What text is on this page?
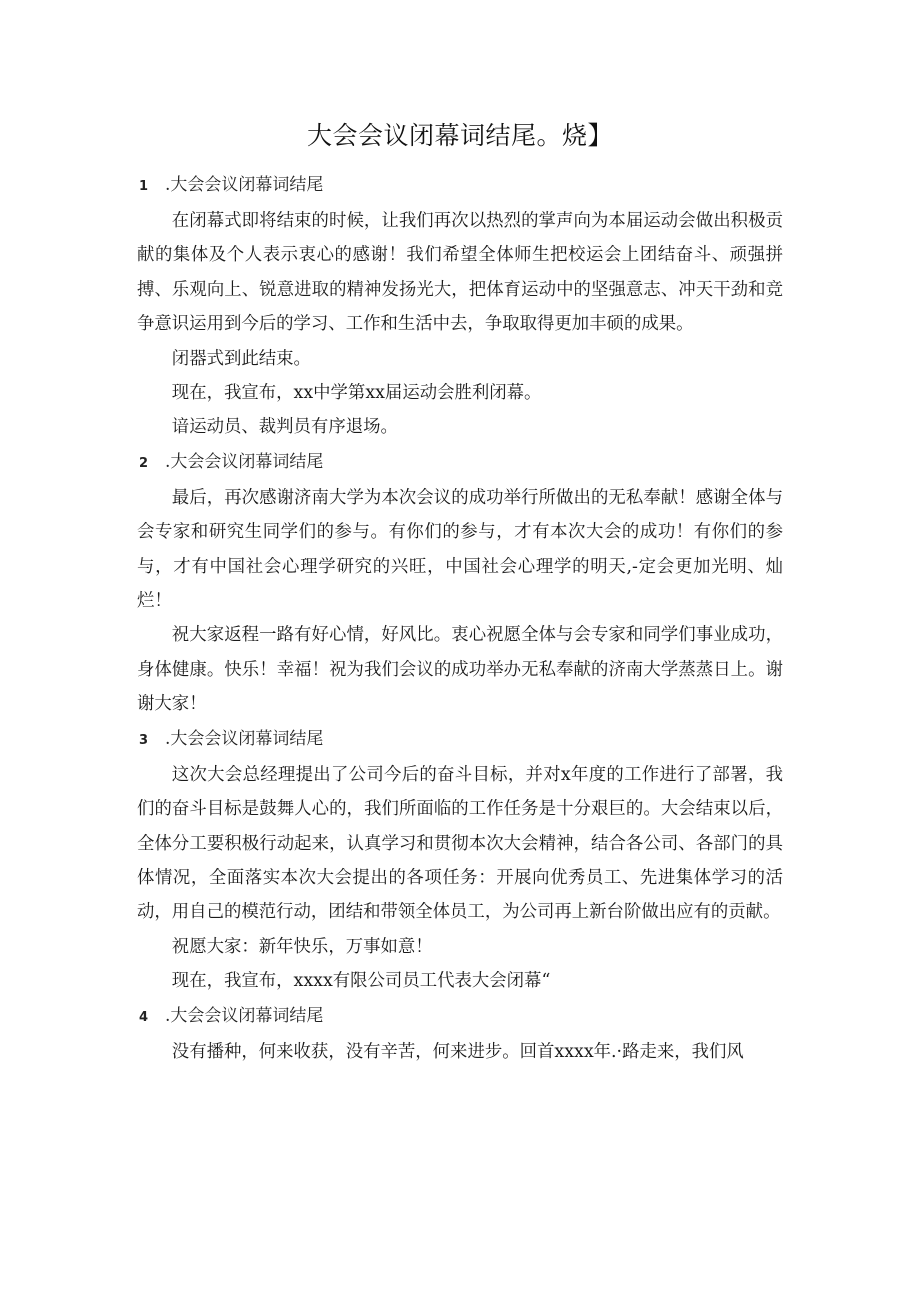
大会会议闭幕词结尾。烧】

1 .大会会议闭幕词结尾

在闭幕式即将结束的时候，让我们再次以热烈的掌声向为本届运动会做出积极贡献的集体及个人表示衷心的感谢！我们希望全体师生把校运会上团结奋斗、顽强拼搏、乐观向上、锐意进取的精神发扬光大，把体育运动中的坚强意志、冲天干劲和竞争意识运用到今后的学习、工作和生活中去，争取取得更加丰硕的成果。

闭器式到此结束。

现在，我宣布，xx中学第xx届运动会胜利闭幕。

谙运动员、裁判员有序退场。

2 .大会会议闭幕词结尾

最后，再次感谢济南大学为本次会议的成功举行所做出的无私奉献！感谢全体与会专家和研究生同学们的参与。有你们的参与，才有本次大会的成功！有你们的参与，才有中国社会心理学研究的兴旺，中国社会心理学的明天,-定会更加光明、灿烂！

祝大家返程一路有好心情，好风比。衷心祝愿全体与会专家和同学们事业成功，身体健康。快乐！幸福！祝为我们会议的成功举办无私奉献的济南大学蒸蒸日上。谢谢大家！

3 .大会会议闭幕词结尾

这次大会总经理提出了公司今后的奋斗目标，并对x年度的工作进行了部署，我们的奋斗目标是鼓舞人心的，我们所面临的工作任务是十分艰巨的。大会结束以后，全体分工要积极行动起来，认真学习和贯彻本次大会精神，结合各公司、各部门的具体情况，全面落实本次大会提出的各项任务：开展向优秀员工、先进集体学习的活动，用自己的模范行动，团结和带领全体员工，为公司再上新台阶做出应有的贡献。

祝愿大家：新年快乐，万事如意！

现在，我宣布，xxxx有限公司员工代表大会闭幕“

4 .大会会议闭幕词结尾

没有播种，何来收获，没有辛苦，何来进步。回首xxxx年.·路走来，我们风
